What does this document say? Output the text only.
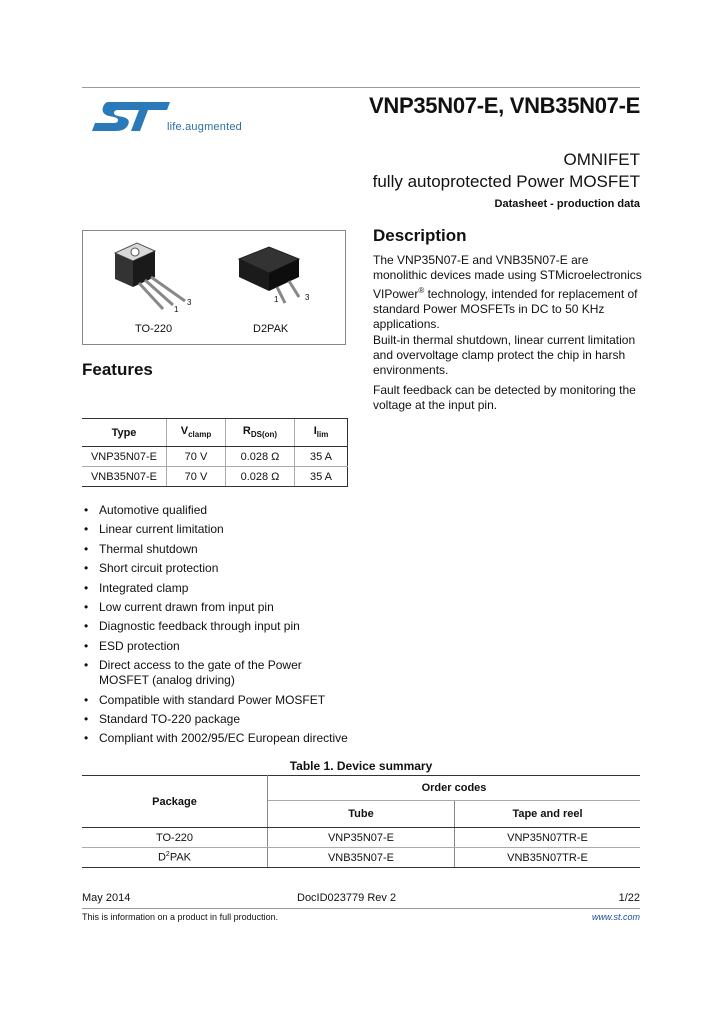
life.augmented
VNP35N07-E, VNB35N07-E
OMNIFET
fully autoprotected Power MOSFET
Datasheet - production data
1
3	1	3
TO-220	D2PAK
Description
The VNP35N07-E and VNB35N07-E are monolithic devices made using STMicroelectronics VIPower® technology, intended for replacement of standard Power MOSFETs in DC to 50 KHz applications.
Built-in thermal shutdown, linear current limitation and overvoltage clamp protect the chip in harsh environments.
Fault feedback can be detected by monitoring the voltage at the input pin.
Features
Type	$V_{clamp}$	$R_{DS(on)}$	$I_{lim}$
VNP35N07-E	70 V	0.028 Ω	35 A
VNB35N07-E	70 V	0.028 Ω	35 A
• Automotive qualified
• Linear current limitation
• Thermal shutdown
• Short circuit protection
• Integrated clamp
• Low current drawn from input pin
• Diagnostic feedback through input pin
• ESD protection
• Direct access to the gate of the Power MOSFET (analog driving)
• Compatible with standard Power MOSFET
• Standard TO-220 package
• Compliant with 2002/95/EC European directive
Table 1. Device summary
Package	Order codes	
	Tube	Tape and reel
TO-220	VNP35N07-E	VNP35N07TR-E
$D^2PAK$	VNB35N07-E	VNB35N07TR-E
May 2014	DocID023779 Rev 2	1/22
This is information on a product in full production.	www.st.com
